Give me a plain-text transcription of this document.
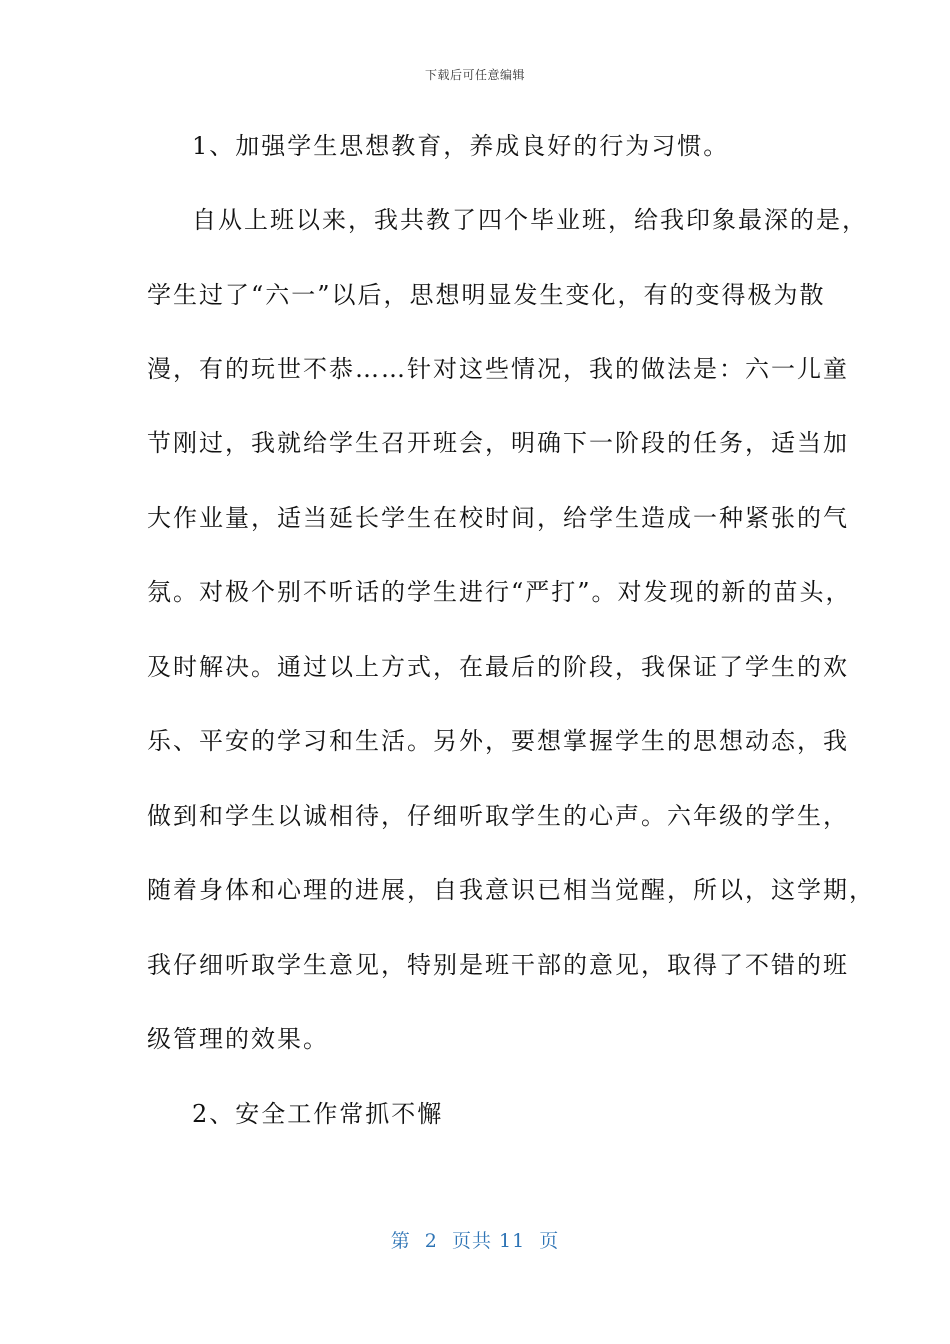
下载后可任意编辑
1、加强学生思想教育，养成良好的行为习惯。
自从上班以来，我共教了四个毕业班，给我印象最深的是，
学生过了“六一”以后，思想明显发生变化，有的变得极为散
漫，有的玩世不恭……针对这些情况，我的做法是：六一儿童
节刚过，我就给学生召开班会，明确下一阶段的任务，适当加
大作业量，适当延长学生在校时间，给学生造成一种紧张的气
氛。对极个别不听话的学生进行“严打”。对发现的新的苗头，
及时解决。通过以上方式，在最后的阶段，我保证了学生的欢
乐、平安的学习和生活。另外，要想掌握学生的思想动态，我
做到和学生以诚相待，仔细听取学生的心声。六年级的学生，
随着身体和心理的进展，自我意识已相当觉醒，所以，这学期，
我仔细听取学生意见，特别是班干部的意见，取得了不错的班
级管理的效果。
2、安全工作常抓不懈
第  2  页共 11  页
